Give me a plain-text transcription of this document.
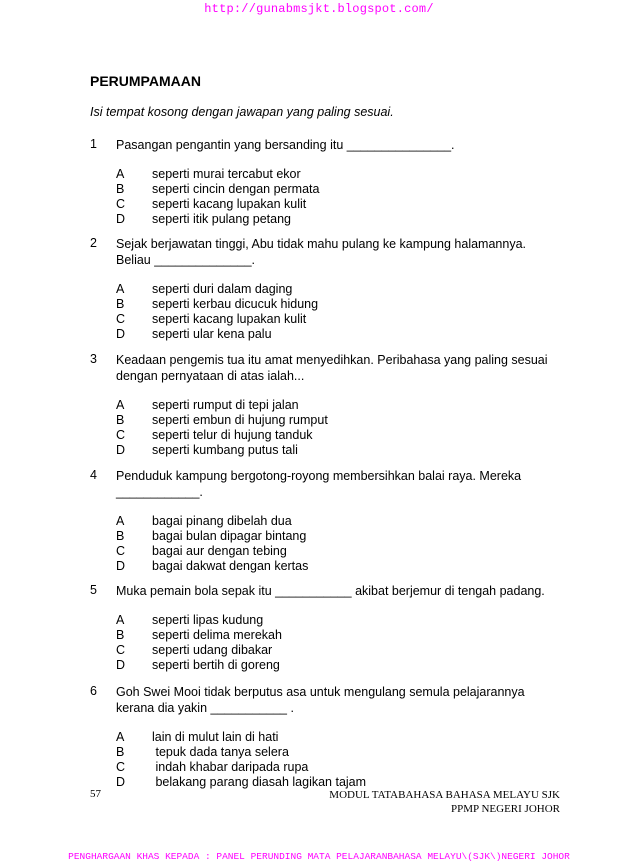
http://gunabmsjkt.blogspot.com/
PERUMPAMAAN
Isi tempat kosong dengan jawapan yang paling sesuai.
1 Pasangan pengantin yang bersanding itu _______________.
A seperti murai tercabut ekor
B seperti cincin dengan permata
C seperti kacang lupakan kulit
D seperti itik pulang petang
2 Sejak berjawatan tinggi, Abu tidak mahu pulang ke kampung halamannya. Beliau ______________.
A seperti duri dalam daging
B seperti kerbau dicucuk hidung
C seperti kacang lupakan kulit
D seperti ular kena palu
3 Keadaan pengemis tua itu amat menyedihkan. Peribahasa yang paling sesuai dengan pernyataan di atas ialah...
A seperti rumput di tepi jalan
B seperti embun di hujung rumput
C seperti telur di hujung tanduk
D seperti kumbang putus tali
4 Penduduk kampung bergotong-royong membersihkan balai raya. Mereka ____________.
A bagai pinang dibelah dua
B bagai bulan dipagar bintang
C bagai aur dengan tebing
D bagai dakwat dengan kertas
5 Muka pemain bola sepak itu ___________ akibat berjemur di tengah padang.
A seperti lipas kudung
B seperti delima merekah
C seperti udang dibakar
D seperti bertih di goreng
6 Goh Swei Mooi tidak berputus asa untuk mengulang semula pelajarannya kerana dia yakin ___________ .
A lain di mulut lain di hati
B tepuk dada tanya selera
C indah khabar daripada rupa
D belakang parang diasah lagikan tajam
57	MODUL TATABAHASA BAHASA MELAYU SJK
PPMP NEGERI JOHOR
PENGHARGAAN KHAS KEPADA : PANEL PERUNDING MATA PELAJARANBAHASA MELAYU\(SJK\)NEGERI JOHOR
